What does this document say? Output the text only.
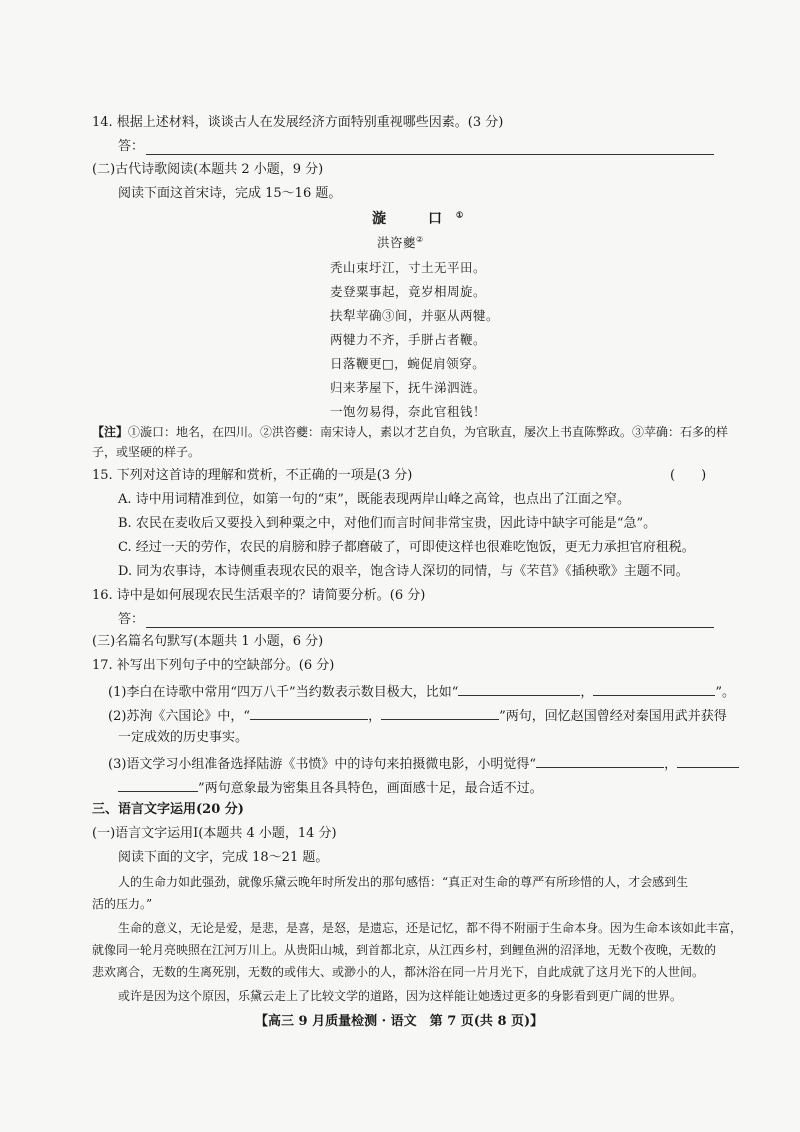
14. 根据上述材料，谈谈古人在发展经济方面特别重视哪些因素。(3 分)
答：
(二)古代诗歌阅读(本题共 2 小题，9 分)
阅读下面这首宋诗，完成 15～16 题。
漩　口①
洪咨夔②
秃山束圩江，寸土无平田。
麦登粟事起，竟岁相周旋。
扶犁苹确③间，并驱从两犍。
两犍力不齐，手胼占者鞭。
日落鞭更□，蜿促肩领穿。
归来茅屋下，抚牛涕泗涟。
一饱勿易得，奈此官租钱！
【注】①漩口：地名，在四川。②洪咨夔：南宋诗人，素以才艺自负，为官耿直，屡次上书直陈弊政。③苹确：石多的样
子，或坚硬的样子。
15. 下列对这首诗的理解和赏析，不正确的一项是(3 分)	(　　)
A. 诗中用词精准到位，如第一句的“束”，既能表现两岸山峰之高耸，也点出了江面之窄。
B. 农民在麦收后又要投入到种粟之中，对他们而言时间非常宝贵，因此诗中缺字可能是“急”。
C. 经过一天的劳作，农民的肩膀和脖子都磨破了，可即使这样也很难吃饱饭，更无力承担官府租税。
D. 同为农事诗，本诗侧重表现农民的艰辛，饱含诗人深切的同情，与《芣苢》《插秧歌》主题不同。
16. 诗中是如何展现农民生活艰辛的？请简要分析。(6 分)
答：
(三)名篇名句默写(本题共 1 小题，6 分)
17. 补写出下列句子中的空缺部分。(6 分)
(1)李白在诗歌中常用“四万八千”当约数表示数目极大，比如“	，	”。
(2)苏洵《六国论》中，“	，	”两句，回忆赵国曾经对秦国用武并获得
一定成效的历史事实。
(3)语文学习小组准备选择陆游《书愤》中的诗句来拍摄微电影，小明觉得“	，
”两句意象最为密集且各具特色，画面感十足，最合适不过。
三、语言文字运用(20 分)
(一)语言文字运用Ⅰ(本题共 4 小题，14 分)
阅读下面的文字，完成 18～21 题。
人的生命力如此强劲，就像乐黛云晚年时所发出的那句感悟：“真正对生命的尊严有所珍惜的人，才会感到生
活的压力。”
生命的意义，无论是爱，是悲，是喜，是怒，是遗忘，还是记忆，都不得不附丽于生命本身。因为生命本该如此丰富，
就像同一轮月亮映照在江河万川上。从贵阳山城，到首都北京，从江西乡村，到鲤鱼洲的沼泽地，无数个夜晚，无数的
悲欢离合，无数的生离死别，无数的或伟大、或渺小的人，都沐浴在同一片月光下，自此成就了这月光下的人世间。
或许是因为这个原因，乐黛云走上了比较文学的道路，因为这样能让她透过更多的身影看到更广阔的世界。
【高三 9 月质量检测 · 语文　第 7 页(共 8 页)】
